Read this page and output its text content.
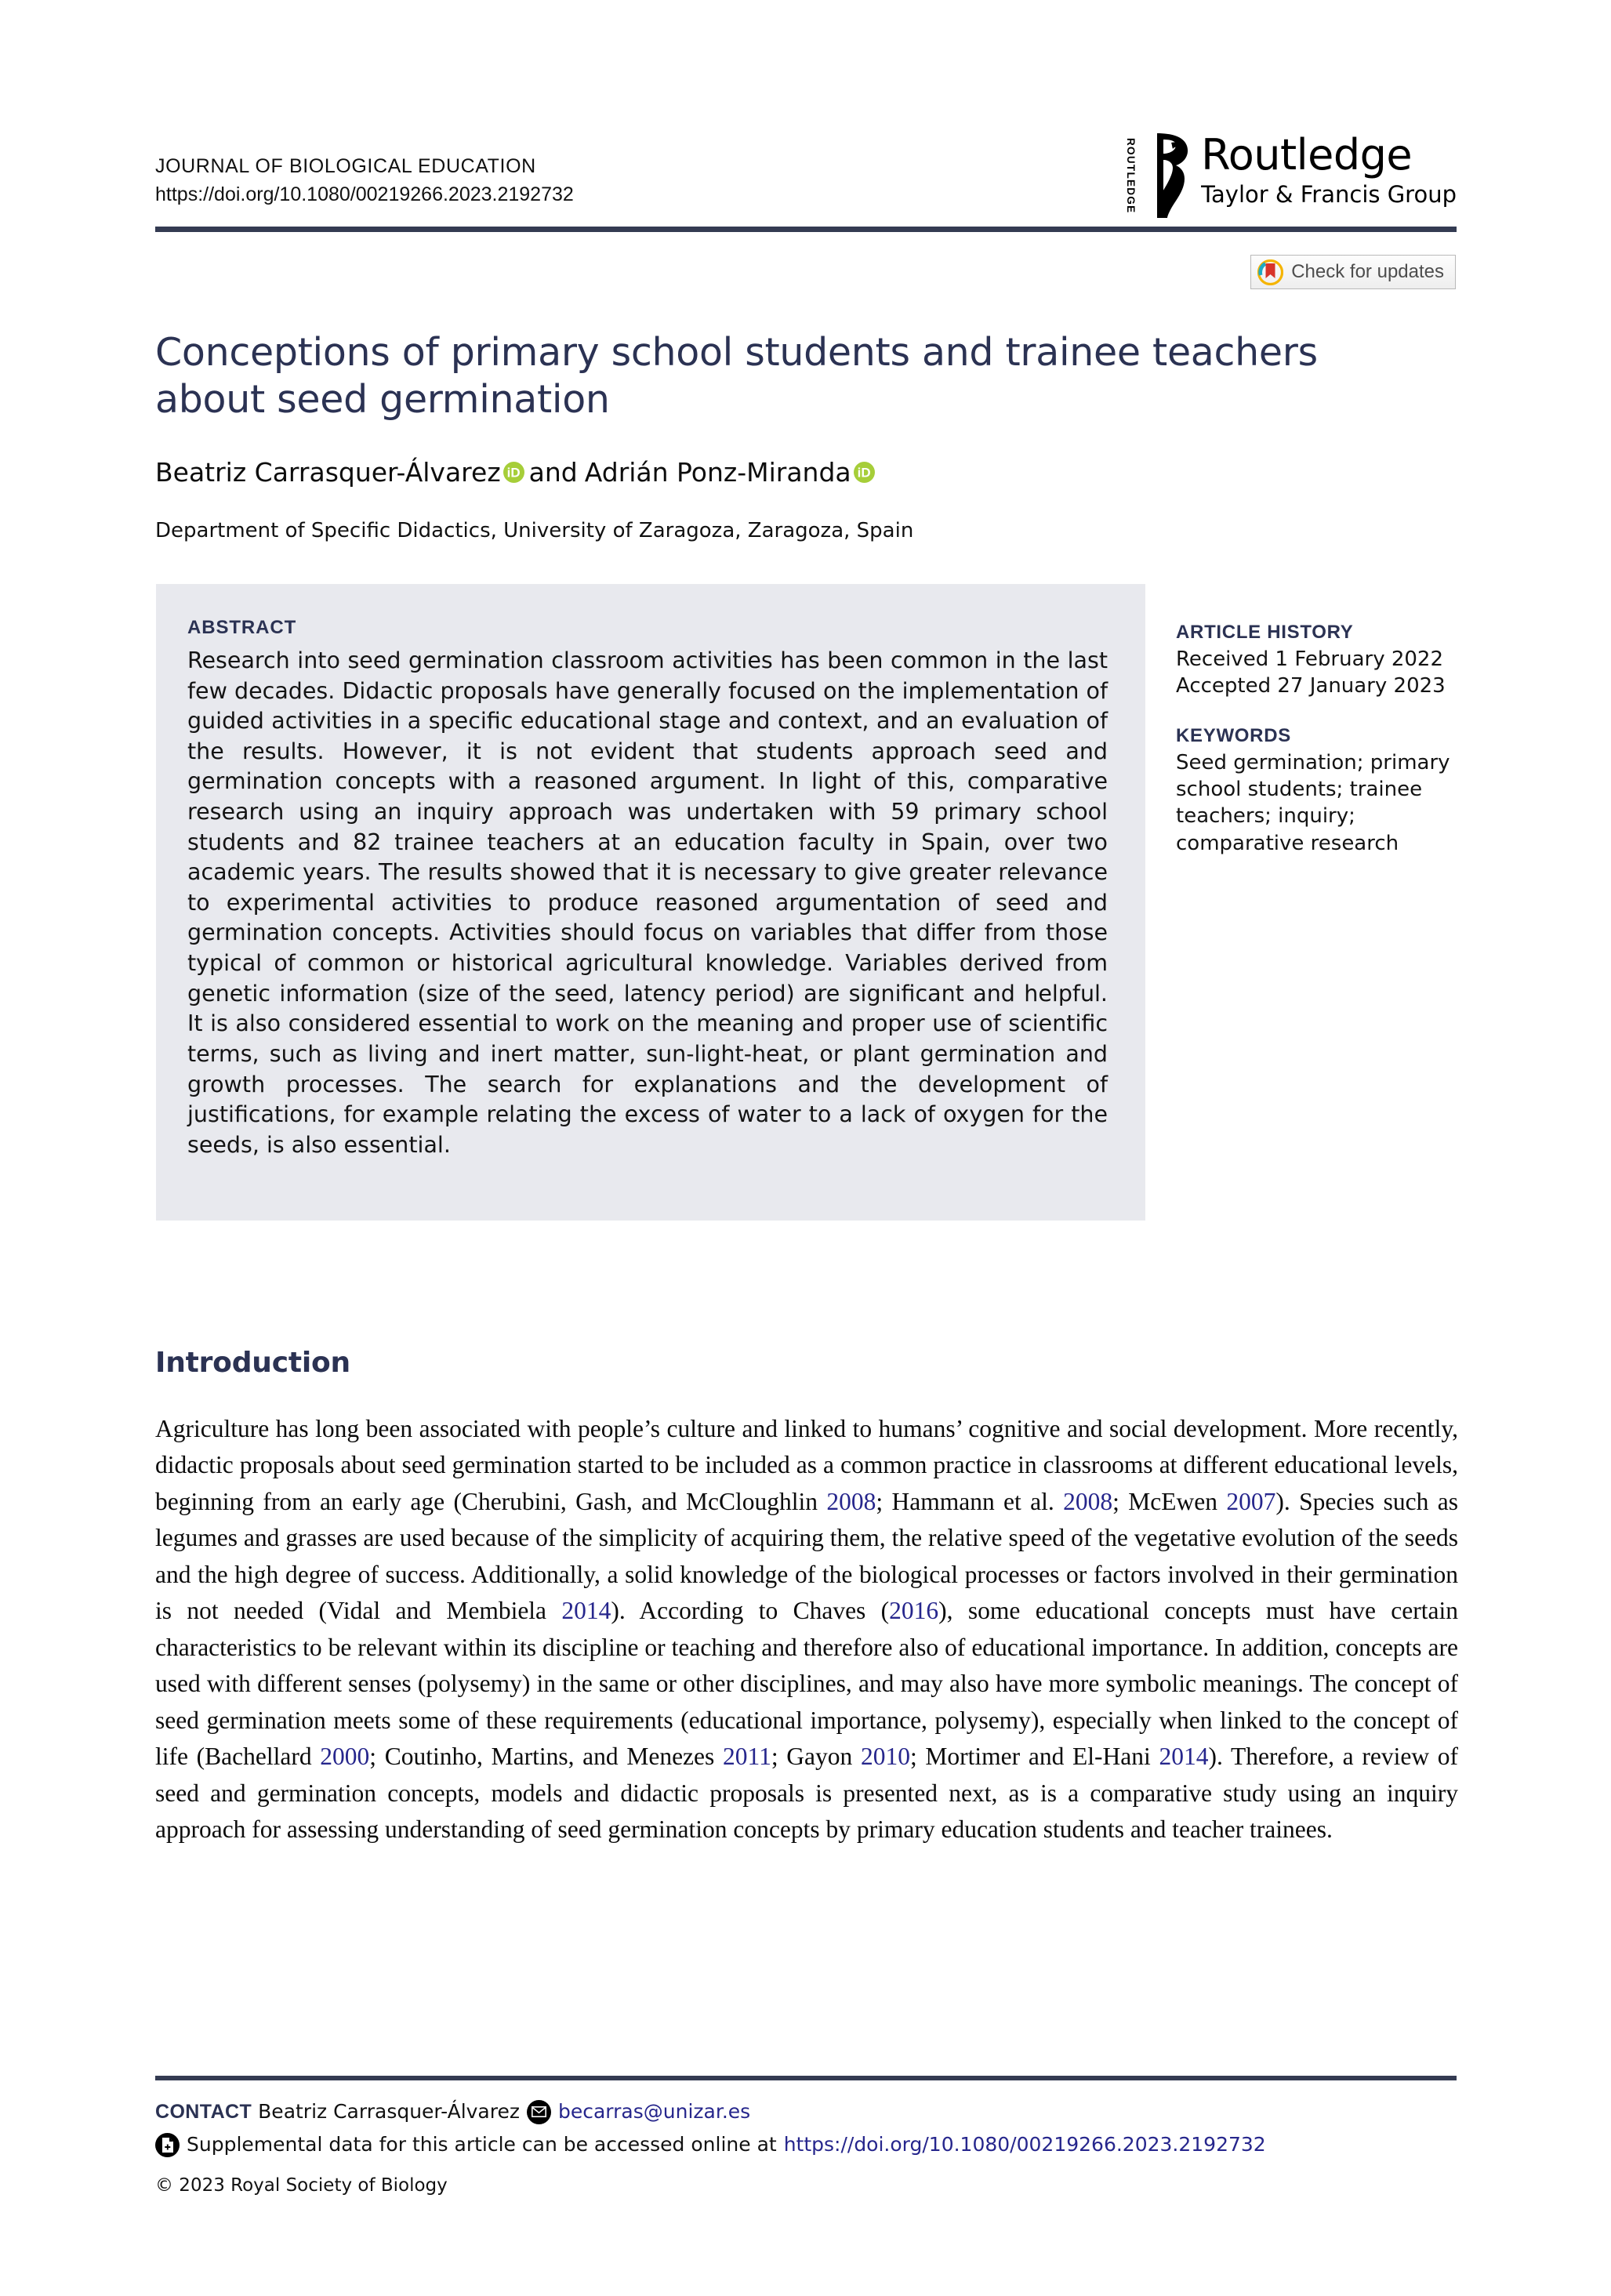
JOURNAL OF BIOLOGICAL EDUCATION
https://doi.org/10.1080/00219266.2023.2192732	ROUTLEDGE Routledge
Taylor & Francis Group
Check for updates
Conceptions of primary school students and trainee teachers about seed germination
Beatriz Carrasquer-Álvarez iD and Adrián Ponz-Miranda
iD
Department of Specific Didactics, University of Zaragoza, Zaragoza, Spain
ABSTRACT
Research into seed germination classroom activities has been common in the last few decades. Didactic proposals have generally focused on the implementation of guided activities in a specific educational stage and context, and an evaluation of the results. However, it is not evident that students approach seed and germination concepts with a reasoned argument. In light of this, comparative research using an inquiry approach was undertaken with 59 primary school students and 82 trainee teachers at an education faculty in Spain, over two academic years. The results showed that it is necessary to give greater relevance to experimental activities to produce reasoned argumentation of seed and germination concepts. Activities should focus on variables that differ from those typical of common or historical agricultural knowledge. Variables derived from genetic information (size of the seed, latency period) are significant and helpful. It is also considered essential to work on the meaning and proper use of scientific terms, such as living and inert matter, sun-light-heat, or plant germination and growth processes. The search for explanations and the development of justifications, for example relating the excess of water to a lack of oxygen for the seeds, is also essential.
ARTICLE HISTORY
Received 1 February 2022
Accepted 27 January 2023
KEYWORDS
Seed germination; primary school students; trainee teachers; inquiry; comparative research
Introduction
Agriculture has long been associated with people’s culture and linked to humans’ cognitive and social development. More recently, didactic proposals about seed germination started to be included as a common practice in classrooms at different educational levels, beginning from an early age (Cherubini, Gash, and McCloughlin 2008; Hammann et al. 2008; McEwen 2007). Species such as legumes and grasses are used because of the simplicity of acquiring them, the relative speed of the vegetative evolution of the seeds and the high degree of success. Additionally, a solid knowledge of the biological processes or factors involved in their germination is not needed (Vidal and Membiela 2014). According to Chaves (2016), some educational concepts must have certain characteristics to be relevant within its discipline or teaching and therefore also of educational importance. In addition, concepts are used with different senses (polysemy) in the same or other disciplines, and may also have more symbolic meanings. The concept of seed germination meets some of these requirements (educational importance, polysemy), especially when linked to the concept of life (Bachellard 2000; Coutinho, Martins, and Menezes 2011; Gayon 2010; Mortimer and El-Hani 2014). Therefore, a review of seed and germination concepts, models and didactic proposals is presented next, as is a comparative study using an inquiry approach for assessing understanding of seed germination concepts by primary education students and teacher trainees.
CONTACT Beatriz Carrasquer-Álvarez becarras@unizar.es
Supplemental data for this article can be accessed online at https://doi.org/10.1080/00219266.2023.2192732
© 2023 Royal Society of Biology
